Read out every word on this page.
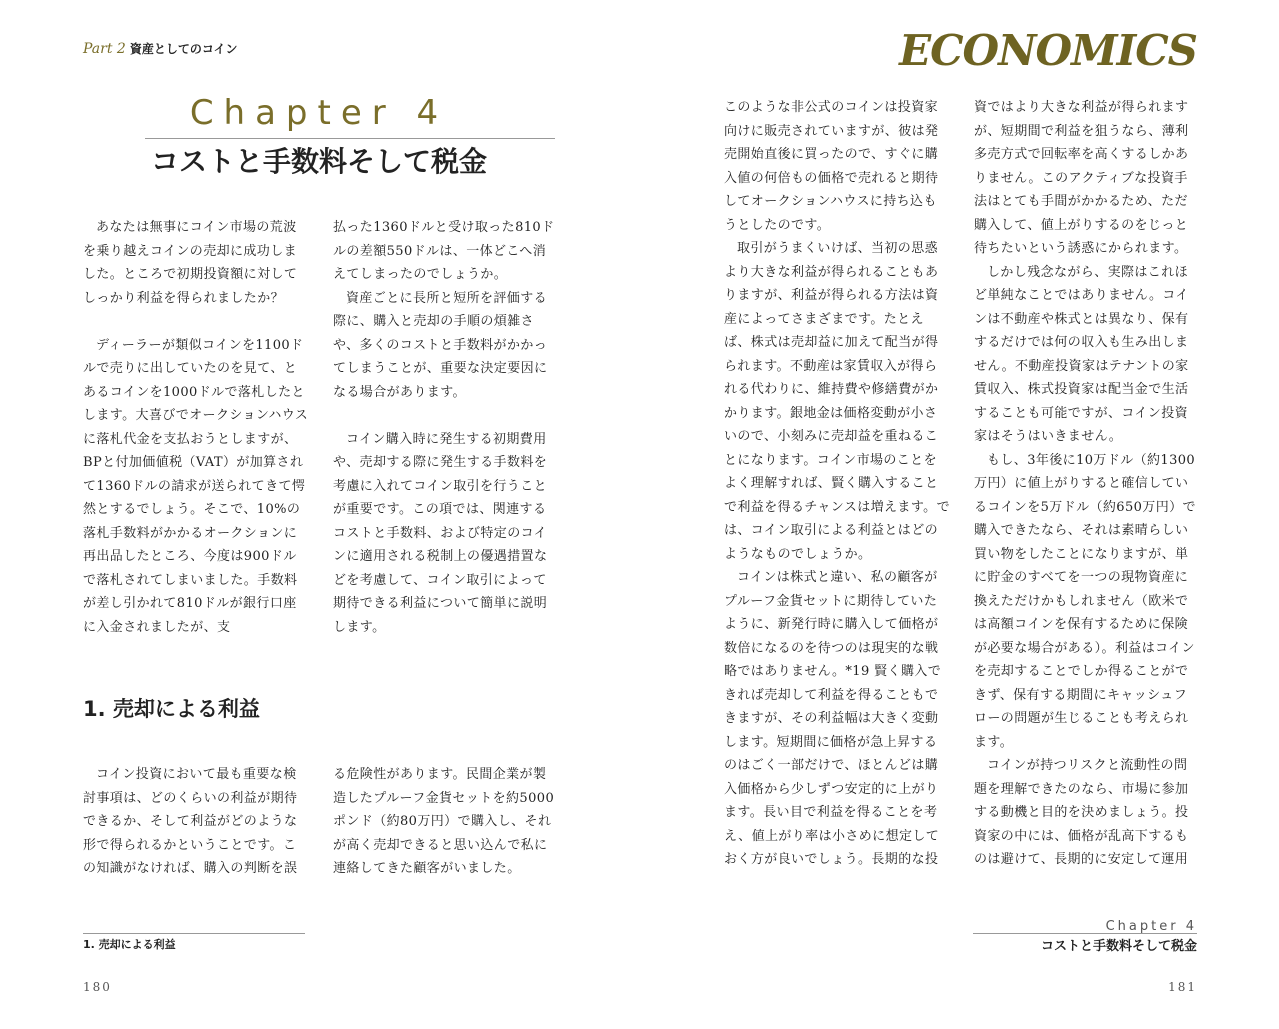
Part 2 資産としてのコイン	ECONOMICS
Chapter 4
コストと手数料そして税金

あなたは無事にコイン市場の荒波を乗り越えコインの売却に成功しました。ところで初期投資額に対してしっかり利益を得られましたか？

ディーラーが類似コインを1100ドルで売りに出していたのを見て、とあるコインを1000ドルで落札したとします。大喜びでオークションハウスに落札代金を支払おうとしますが、BPと付加価値税（VAT）が加算されて1360ドルの請求が送られてきて愕然とするでしょう。そこで、10%の落札手数料がかかるオークションに再出品したところ、今度は900ドルで落札されてしまいました。手数料が差し引かれて810ドルが銀行口座に入金されましたが、支

払った1360ドルと受け取った810ドルの差額550ドルは、一体どこへ消えてしまったのでしょうか。

資産ごとに長所と短所を評価する際に、購入と売却の手順の煩雑さや、多くのコストと手数料がかかってしまうことが、重要な決定要因になる場合があります。

コイン購入時に発生する初期費用や、売却する際に発生する手数料を考慮に入れてコイン取引を行うことが重要です。この項では、関連するコストと手数料、および特定のコインに適用される税制上の優遇措置などを考慮して、コイン取引によって期待できる利益について簡単に説明します。

1. 売却による利益

コイン投資において最も重要な検討事項は、どのくらいの利益が期待できるか、そして利益がどのような形で得られるかということです。この知識がなければ、購入の判断を誤

る危険性があります。民間企業が製造したプルーフ金貨セットを約5000ポンド（約80万円）で購入し、それが高く売却できると思い込んで私に連絡してきた顧客がいました。

このような非公式のコインは投資家向けに販売されていますが、彼は発売開始直後に買ったので、すぐに購入値の何倍もの価格で売れると期待してオークションハウスに持ち込もうとしたのです。

取引がうまくいけば、当初の思惑より大きな利益が得られることもありますが、利益が得られる方法は資産によってさまざまです。たとえば、株式は売却益に加えて配当が得られます。不動産は家賃収入が得られる代わりに、維持費や修繕費がかかります。銀地金は価格変動が小さいので、小刻みに売却益を重ねることになります。コイン市場のことをよく理解すれば、賢く購入することで利益を得るチャンスは増えます。では、コイン取引による利益とはどのようなものでしょうか。

コインは株式と違い、私の顧客がプルーフ金貨セットに期待していたように、新発行時に購入して価格が数倍になるのを待つのは現実的な戦略ではありません。*19 賢く購入できれば売却して利益を得ることもできますが、その利益幅は大きく変動します。短期間に価格が急上昇するのはごく一部だけで、ほとんどは購入価格から少しずつ安定的に上がります。長い目で利益を得ることを考え、値上がり率は小さめに想定しておく方が良いでしょう。長期的な投

資ではより大きな利益が得られますが、短期間で利益を狙うなら、薄利多売方式で回転率を高くするしかありません。このアクティブな投資手法はとても手間がかかるため、ただ購入して、値上がりするのをじっと待ちたいという誘惑にかられます。

しかし残念ながら、実際はこれほど単純なことではありません。コインは不動産や株式とは異なり、保有するだけでは何の収入も生み出しません。不動産投資家はテナントの家賃収入、株式投資家は配当金で生活することも可能ですが、コイン投資家はそうはいきません。

もし、3年後に10万ドル（約1300万円）に値上がりすると確信しているコインを5万ドル（約650万円）で購入できたなら、それは素晴らしい買い物をしたことになりますが、単に貯金のすべてを一つの現物資産に換えただけかもしれません（欧米では高額コインを保有するために保険が必要な場合がある）。利益はコインを売却することでしか得ることができず、保有する期間にキャッシュフローの問題が生じることも考えられます。

コインが持つリスクと流動性の問題を理解できたのなら、市場に参加する動機と目的を決めましょう。投資家の中には、価格が乱高下するものは避けて、長期的に安定して運用

1. 売却による利益
Chapter 4
コストと手数料そして税金
180	181
